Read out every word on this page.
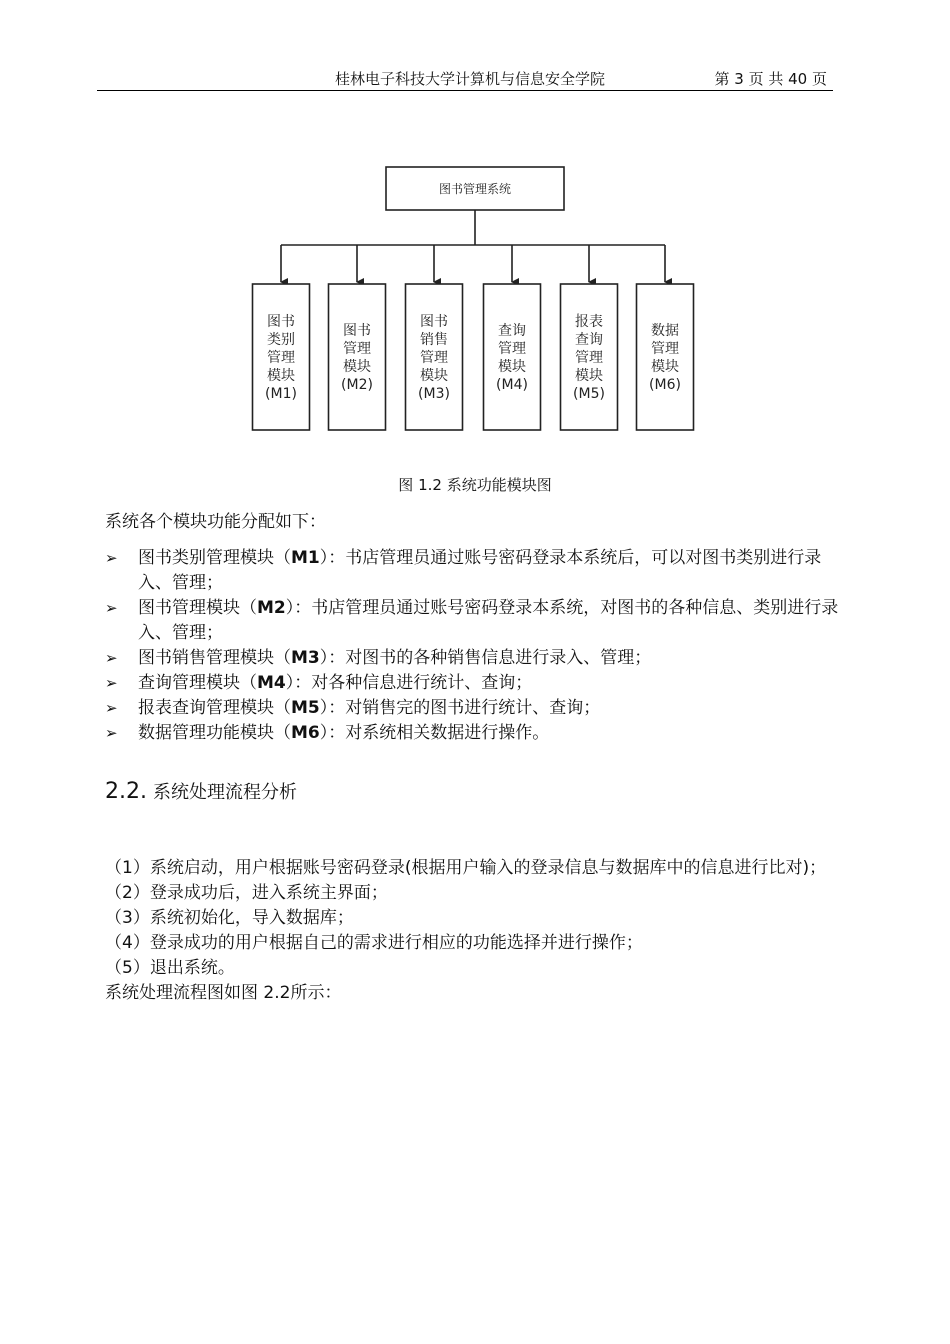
桂林电子科技大学计算机与信息安全学院	第 3 页 共 40 页
图书管理系统
图书
类别
管理
模块
(M1)
图书
管理
模块
(M2)
图书
销售
管理
模块
(M3)
查询
管理
模块
(M4)
报表
查询
管理
模块
(M5)
数据
管理
模块
(M6)
图 1.2 系统功能模块图
系统各个模块功能分配如下：
➢ 图书类别管理模块（M1）：书店管理员通过账号密码登录本系统后，可以对图书类别进行录入、管理；
➢ 图书管理模块（M2）：书店管理员通过账号密码登录本系统，对图书的各种信息、类别进行录入、管理；
➢ 图书销售管理模块（M3）：对图书的各种销售信息进行录入、管理；
➢ 查询管理模块（M4）：对各种信息进行统计、查询；
➢ 报表查询管理模块（M5）：对销售完的图书进行统计、查询；
➢ 数据管理功能模块（M6）：对系统相关数据进行操作。
2.2. 系统处理流程分析

（1）系统启动，用户根据账号密码登录(根据用户输入的登录信息与数据库中的信息进行比对)；

（2）登录成功后，进入系统主界面；

（3）系统初始化，导入数据库；

（4）登录成功的用户根据自己的需求进行相应的功能选择并进行操作；

（5）退出系统。

系统处理流程图如图 2.2所示：
